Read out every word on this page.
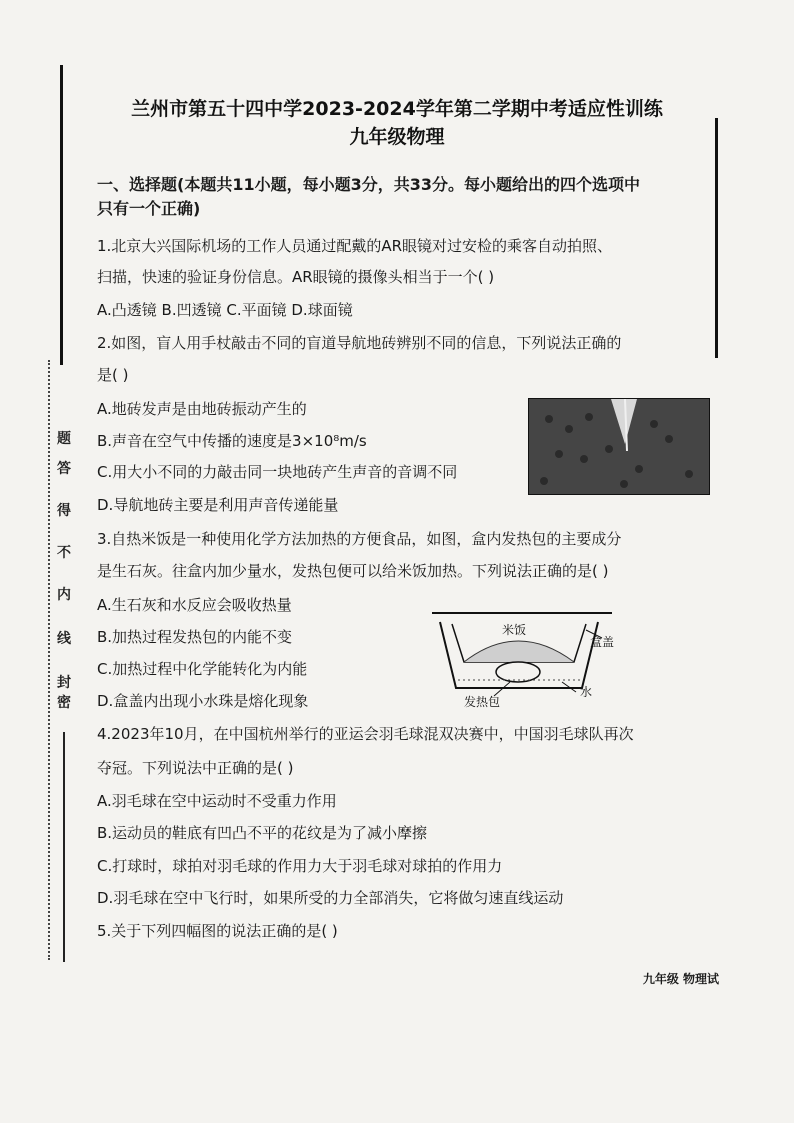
题
答
得
不
内
线
封
密
兰州市第五十四中学2023-2024学年第二学期中考适应性训练
九年级物理
一、选择题(本题共11小题，每小题3分，共33分。每小题给出的四个选项中
只有一个正确)
1.北京大兴国际机场的工作人员通过配戴的AR眼镜对过安检的乘客自动拍照、
扫描，快速的验证身份信息。AR眼镜的摄像头相当于一个( )
A.凸透镜 B.凹透镜 C.平面镜 D.球面镜
2.如图，盲人用手杖敲击不同的盲道导航地砖辨别不同的信息，下列说法正确的
是( )
A.地砖发声是由地砖振动产生的
B.声音在空气中传播的速度是3×10⁸m/s
C.用大小不同的力敲击同一块地砖产生声音的音调不同
D.导航地砖主要是利用声音传递能量
3.自热米饭是一种使用化学方法加热的方便食品，如图，盒内发热包的主要成分
是生石灰。往盒内加少量水，发热包便可以给米饭加热。下列说法正确的是( )
A.生石灰和水反应会吸收热量
B.加热过程发热包的内能不变
C.加热过程中化学能转化为内能
D.盒盖内出现小水珠是熔化现象
米饭
盒盖
发热包
水
4.2023年10月，在中国杭州举行的亚运会羽毛球混双决赛中，中国羽毛球队再次
夺冠。下列说法中正确的是( )
A.羽毛球在空中运动时不受重力作用
B.运动员的鞋底有凹凸不平的花纹是为了减小摩擦
C.打球时，球拍对羽毛球的作用力大于羽毛球对球拍的作用力
D.羽毛球在空中飞行时，如果所受的力全部消失，它将做匀速直线运动
5.关于下列四幅图的说法正确的是( )
九年级 物理试
